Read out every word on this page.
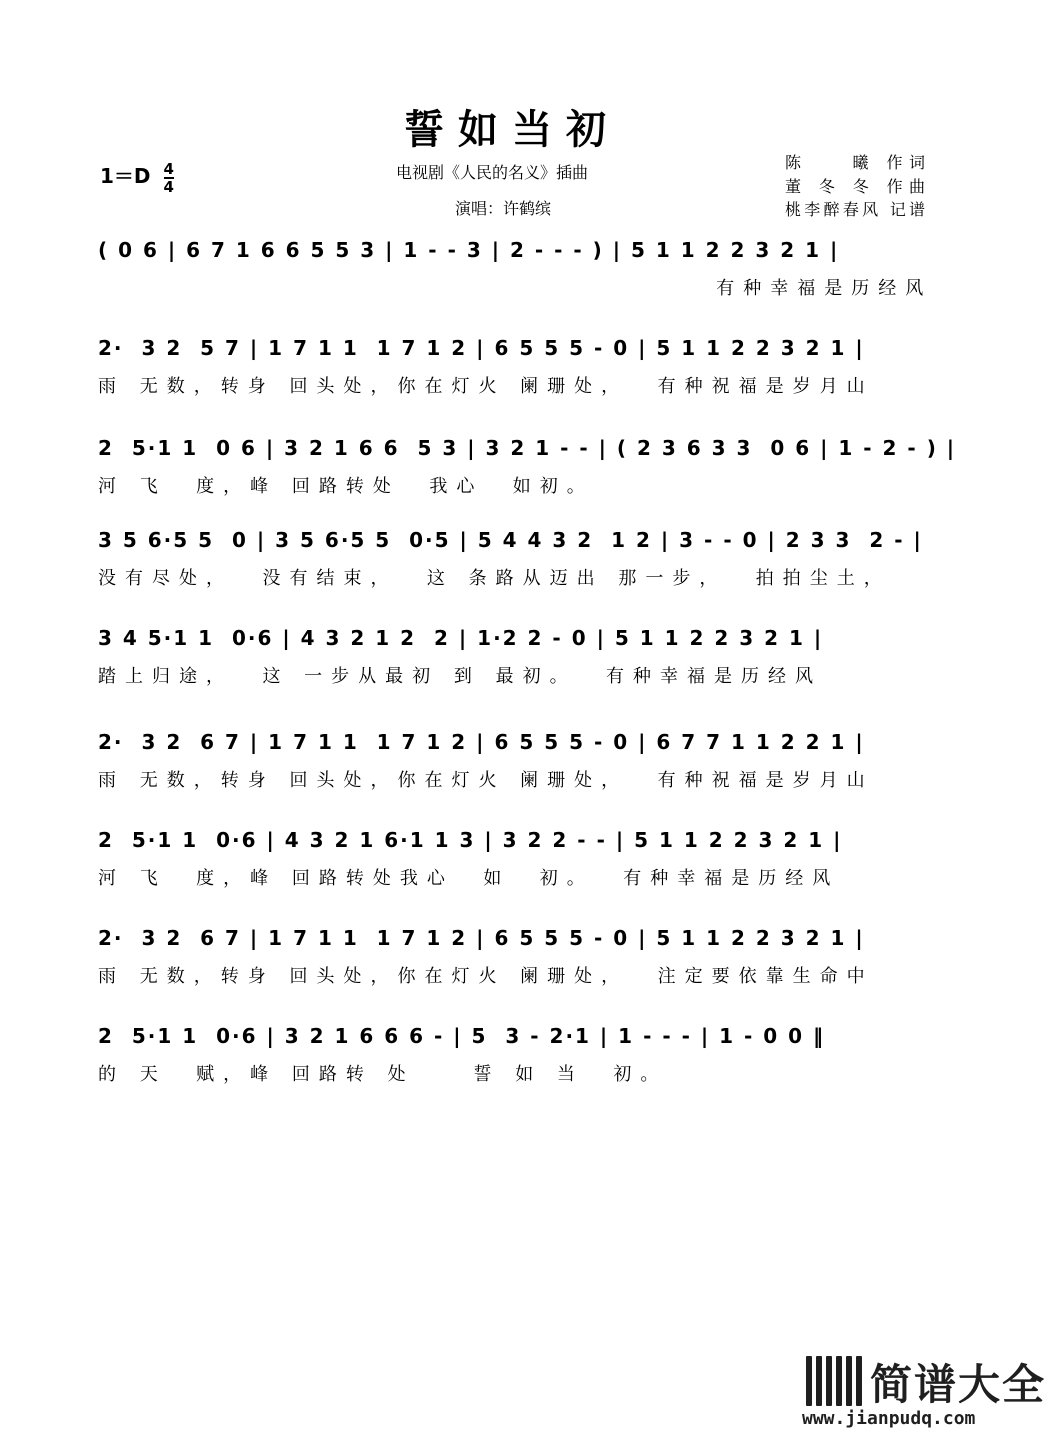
誓如当初
$1=D \frac{4}{4}$	电视剧《人民的名义》插曲
演唱：许鹤缤
陈　　曦 作词
董 冬 冬 作曲
桃李醉春风 记谱
( 0 6 | 6 7 1 6 6 5 5 3 | 1 - - 3 | 2 - - - ) | 5 1 1 2 2 3 2 1 |
有种幸福是历经风
2·  3 2  5 7 | 1 7 1 1  1 7 1 2 | 6 5 5 5 - 0 | 5 1 1 2 2 3 2 1 |
雨 无数，转身 回头处，你在灯火 阑珊处，  有种祝福是岁月山
2  5·1 1  0 6 | 3 2 1 6 6  5 3 | 3 2 1 - - | ( 2 3 6 3 3  0 6 | 1 - 2 - ) |
河 飞  度，峰 回路转处  我心  如初。
3 5 6·5 5  0 | 3 5 6·5 5  0·5 | 5 4 4 3 2  1 2 | 3 - - 0 | 2 3 3  2 - |
没有尽处，  没有结束，  这 条路从迈出 那一步，  拍拍尘土，
3 4 5·1 1  0·6 | 4 3 2 1 2  2 | 1·2 2 - 0 | 5 1 1 2 2 3 2 1 |
踏上归途，  这 一步从最初 到 最初。  有种幸福是历经风
2·  3 2  6 7 | 1 7 1 1  1 7 1 2 | 6 5 5 5 - 0 | 6 7 7 1 1 2 2 1 |
雨 无数，转身 回头处，你在灯火 阑珊处，  有种祝福是岁月山
2  5·1 1  0·6 | 4 3 2 1 6·1 1 3 | 3 2 2 - - | 5 1 1 2 2 3 2 1 |
河 飞  度，峰 回路转处我心  如  初。  有种幸福是历经风
2·  3 2  6 7 | 1 7 1 1  1 7 1 2 | 6 5 5 5 - 0 | 5 1 1 2 2 3 2 1 |
雨 无数，转身 回头处，你在灯火 阑珊处，  注定要依靠生命中
2  5·1 1  0·6 | 3 2 1 6 6 6 - | 5  3 - 2·1 | 1 - - - | 1 - 0 0 ‖
的 天  赋，峰 回路转 处    誓 如 当  初。
简谱大全
www.jianpudq.com
